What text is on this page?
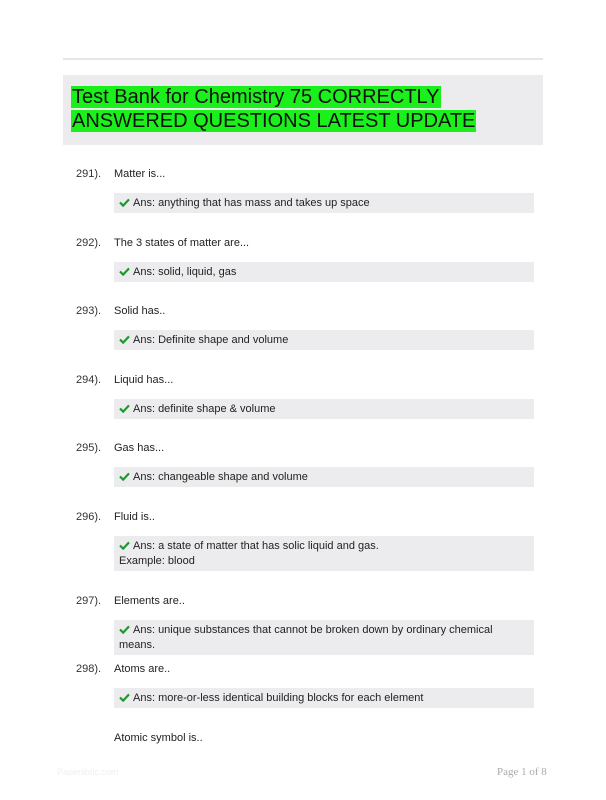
Test Bank for Chemistry 75 CORRECTLY
ANSWERED QUESTIONS LATEST UPDATE
291). Matter is...
Ans: anything that has mass and takes up space
292). The 3 states of matter are...
Ans: solid, liquid, gas
293). Solid has..
Ans: Definite shape and volume
294). Liquid has...
Ans: definite shape & volume
295). Gas has...
Ans: changeable shape and volume
296). Fluid is..
Ans: a state of matter that has solic liquid and gas.
Example: blood
297). Elements are..
Ans: unique substances that cannot be broken down by ordinary chemical means.
298). Atoms are..
Ans: more-or-less identical building blocks for each element
Atomic symbol is..
Paperlibtic.com	Page 1 of 8
